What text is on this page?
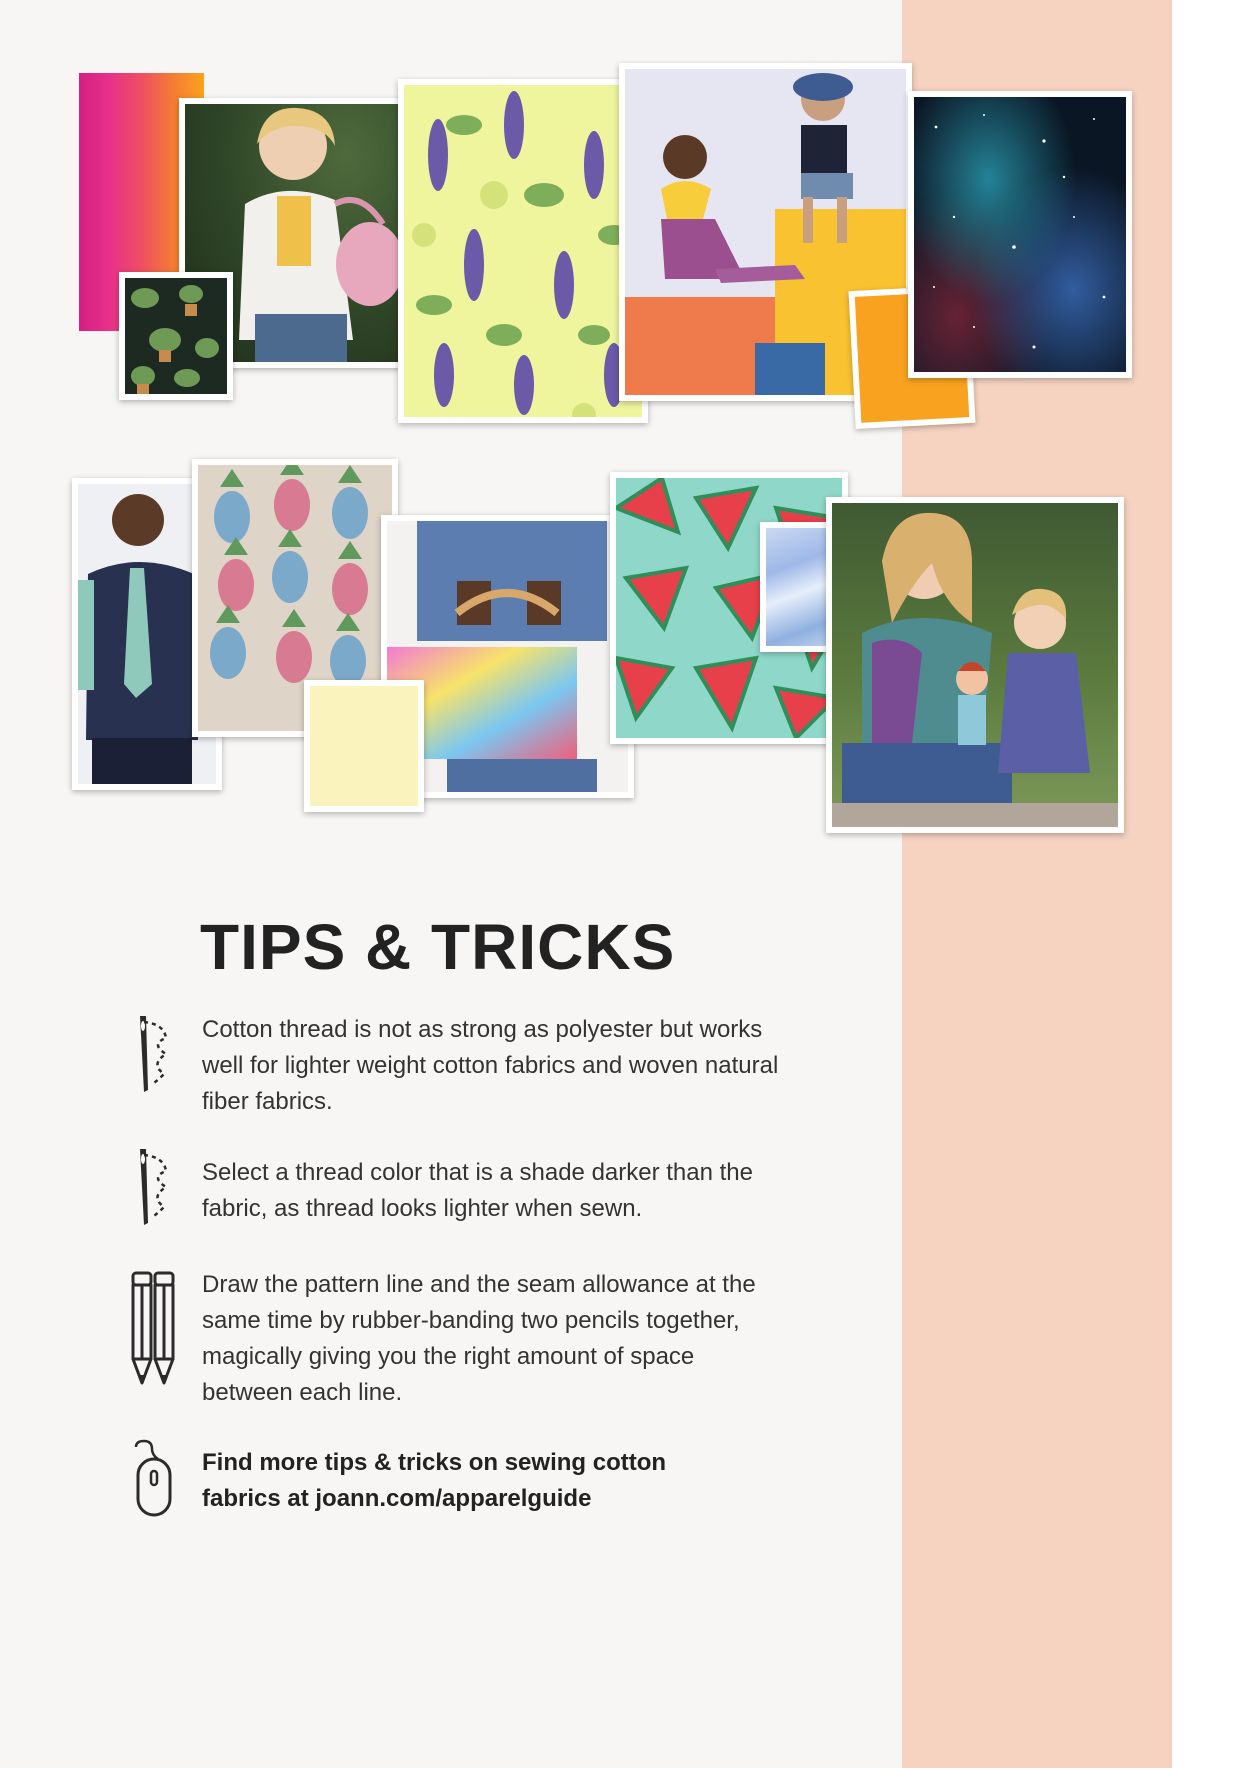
TIPS & TRICKS

Cotton thread is not as strong as polyester but works
well for lighter weight cotton fabrics and woven natural
fiber fabrics.

Select a thread color that is a shade darker than the
fabric, as thread looks lighter when sewn.

Draw the pattern line and the seam allowance at the
same time by rubber-banding two pencils together,
magically giving you the right amount of space
between each line.

Find more tips & tricks on sewing cotton
fabrics at joann.com/apparelguide
